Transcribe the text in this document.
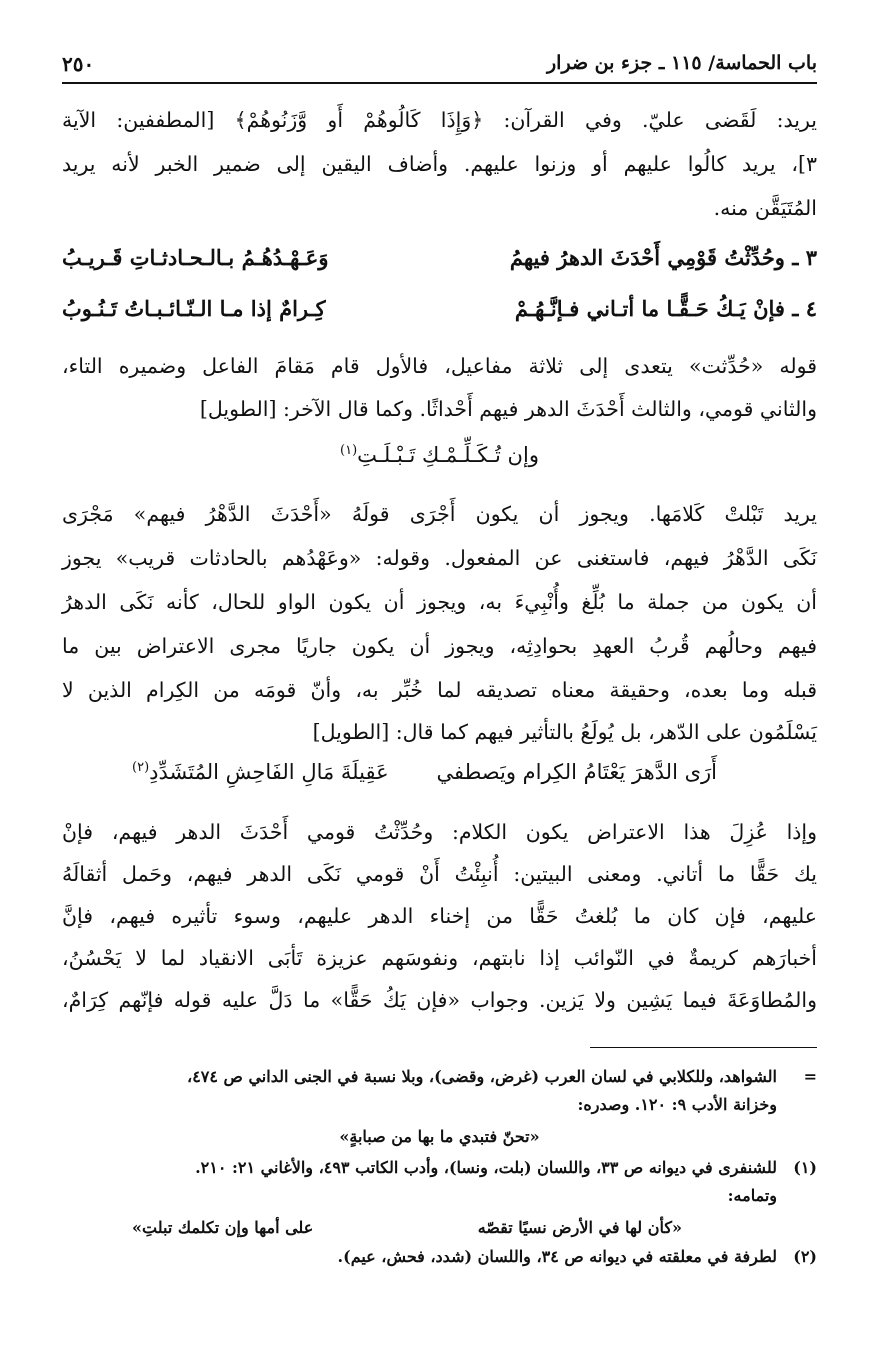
باب الحماسة/ ١١٥ ـ جزء بن ضرار
٢٥٠
يريد: لَقَضى عليّ. وفي القرآن: ﴿وَإِذَا كَالُوهُمْ أَو وَّزَنُوهُمْ﴾ [المطففين: الآية
٣]، يريد كالُوا عليهم أو وزنوا عليهم. وأضاف اليقين إلى ضمير الخبر لأنه يريد
المُتَيَقَّن منه.
٣ ـ وحُدِّثْتُ قَوْمِي أَحْدَثَ الدهرُ فيهمُ
وَعَـهْـدُهُـمُ بـالـحـادثـاتِ قَـريـبُ
٤ ـ فإنْ يَـكُ حَـقًّـا ما أتـاني فـإنَّـهُـمْ
كِـرامٌ إذا مـا الـنّـائـبـاتُ تَـنُـوبُ
قوله «حُدِّثت» يتعدى إلى ثلاثة مفاعيل، فالأول قام مَقامَ الفاعل وضميره التاء،
والثاني قومي، والثالث أَحْدَثَ الدهر فيهم أَحْداثًا. وكما قال الآخر: [الطويل]
وإن تُـكَـلِّـمْـكِ تَـبْـلَـتِ$^{(١)}$
يريد تَبْلتْ كَلامَها. ويجوز أن يكون أَجْرَى قولَهُ «أَحْدَثَ الدَّهْرُ فيهم» مَجْرَى
نَكَى الدَّهْرُ فيهم، فاستغنى عن المفعول. وقوله: «وعَهْدُهم بالحادثات قريب» يجوز
أن يكون من جملة ما بُلِّغ وأُنْبِيءَ به، ويجوز أن يكون الواو للحال، كأنه نَكَى الدهرُ
فيهم وحالُهم قُربُ العهدِ بحوادِثِه، ويجوز أن يكون جاريًا مجرى الاعتراض بين ما
قبله وما بعده، وحقيقة معناه تصديقه لما خُبِّر به، وأنّ قومَه من الكِرام الذين لا
يَسْلَمُون على الدّهر، بل يُولَعُ بالتأثير فيهم كما قال: [الطويل]
أَرَى الدَّهرَ يَعْتَامُ الكِرام ويَصطفي
عَقِيلَةَ مَالِ الفَاحِشِ المُتَشَدِّدِ$^{(٢)}$
وإذا عُزِلَ هذا الاعتراض يكون الكلام: وحُدِّثْتُ قومي أَحْدَثَ الدهر فيهم، فإنْ
يك حَقًّا ما أتاني. ومعنى البيتين: أُنبِئْتُ أَنْ قومي نَكَى الدهر فيهم، وحَمل أثقالَهُ
عليهم، فإن كان ما بُلغتُ حَقًّا من إخناء الدهر عليهم، وسوء تأثيره فيهم، فإنَّ
أخبارَهم كريمةٌ في النّوائب إذا نابتهم، ونفوسَهم عزيزة تَأبَى الانقياد لما لا يَحْسُنُ،
والمُطاوَعَةَ فيما يَشِين ولا يَزين. وجواب «فإن يَكُ حَقًّا» ما دَلَّ عليه قوله فإنّهم كِرَامٌ،
=
الشواهد، وللكلابي في لسان العرب (غرض، وقضى)، وبلا نسبة في الجنى الداني ص ٤٧٤،
وخزانة الأدب ٩: ١٢٠. وصدره:
«تحنّ فتبدي ما بها من صبابةٍ»
(١)
للشنفرى في ديوانه ص ٣٣، واللسان (بلت، ونسا)، وأدب الكاتب ٤٩٣، والأغاني ٢١: ٢١٠.
وتمامه:
«كأن لها في الأرض نسيًا تقصّه
على أمها وإن تكلمك تبلتِ»
(٢)
لطرفة في معلقته في ديوانه ص ٣٤، واللسان (شدد، فحش، عيم).
